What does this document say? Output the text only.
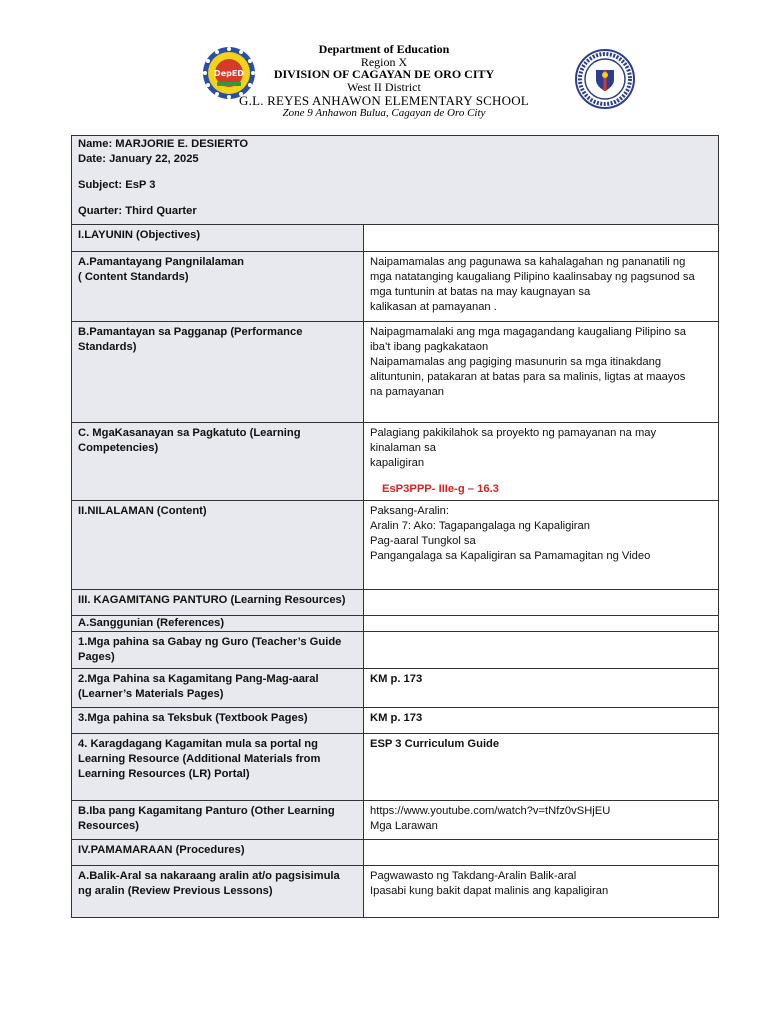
DepED
Department of Education
Region X
DIVISION OF CAGAYAN DE ORO CITY
West II District
G.L. REYES ANHAWON ELEMENTARY SCHOOL
Zone 9 Anhawon Bulua, Cagayan de Oro City
Name: MARJORIE E. DESIERTO
Date: January 22, 2025
Subject: EsP 3
Quarter: Third Quarter	

I.LAYUNIN (Objectives)	

A.Pamantayang Pangnilalaman
( Content Standards)	Naipamamalas ang pagunawa sa kahalagahan ng pananatili ng
mga natatanging kaugaliang Pilipino kaalinsabay ng pagsunod sa
mga tuntunin at batas na may kaugnayan sa
kalikasan at pamayanan .

B.Pamantayan sa Pagganap (Performance
Standards)	Naipagmamalaki ang mga magagandang kaugaliang Pilipino sa
iba’t ibang pagkakataon
Naipamamalas ang pagiging masunurin sa mga itinakdang
alituntunin, patakaran at batas para sa malinis, ligtas at maayos
na pamayanan

C. MgaKasanayan sa Pagkatuto (Learning
Competencies)	Palagiang pakikilahok sa proyekto ng pamayanan na may
kinalaman sa
kapaligiran
EsP3PPP- IIIe-g – 16.3

II.NILALAMAN (Content)	Paksang-Aralin:
Aralin 7: Ako: Tagapangalaga ng Kapaligiran
Pag-aaral Tungkol sa
Pangangalaga sa Kapaligiran sa Pamamagitan ng Video

III. KAGAMITANG PANTURO (Learning Resources)	

A.Sanggunian (References)	

1.Mga pahina sa Gabay ng Guro (Teacher’s Guide
Pages)	

2.Mga Pahina sa Kagamitang Pang-Mag-aaral
(Learner’s Materials Pages)	KM p. 173

3.Mga pahina sa Teksbuk (Textbook Pages)	KM p. 173

4. Karagdagang Kagamitan mula sa portal ng
Learning Resource (Additional Materials from
Learning Resources (LR) Portal)	ESP 3 Curriculum Guide

B.Iba pang Kagamitang Panturo (Other Learning
Resources)	https://www.youtube.com/watch?v=tNfz0vSHjEU
Mga Larawan

IV.PAMAMARAAN (Procedures)	

A.Balik-Aral sa nakaraang aralin at/o pagsisimula
ng aralin (Review Previous Lessons)	Pagwawasto ng Takdang-Aralin Balik-aral
Ipasabi kung bakit dapat malinis ang kapaligiran
